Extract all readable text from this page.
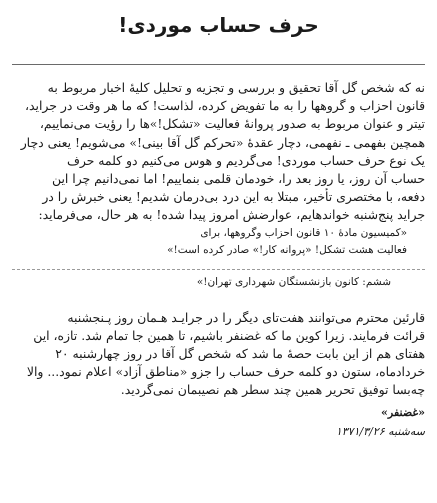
حرف حساب موردی!

نه که شخص گل آقا تحقیق و بررسی و تجزیه و تحلیل کلیهٔ اخبار مربوط به
قانون احزاب و گروهها را به ما تفویض کرده، لذاست! که ما هر وقت در جراید،
تیتر و عنوان مربوط به صدور پروانهٔ فعالیت «تشکل!»ها را رؤیت می‌نماییم،
همچین بفهمی ـ نفهمی، دچار عقدهٔ «تحرکم گل آقا بینی!» می‌شویم! یعنی دچار
یک نوع حرف حساب موردی! می‌گردیم و هوس می‌کنیم دو کلمه حرف
حساب آن روز، یا روز بعد را، خودمان قلمی بنماییم! اما نمی‌دانیم چرا این
دفعه، با مختصری تأخیر، مبتلا به این درد بی‌درمان شدیم! یعنی خبرش را در
جراید پنج‌شنبه خواندهایم، عوارضش امروز پیدا شده! به هر حال، می‌فرماید:

«کمیسیون مادهٔ ۱۰ قانون احزاب وگروهها، برای
فعالیت هشت تشکل! «پروانه کار!» صادر کرده است!»

ششم: کانون بازنشستگان شهرداری تهران!»

قارئین محترم می‌توانند هفت‌تای دیگر را در جرایـد هـمان روز پـنجشنبه
قرائت فرمایند. زیرا کوین ما که غضنفر باشیم، تا همین جا تمام شد. تازه، این
هفتای هم از این بابت حصهٔ ما شد که شخص گل آقا در روز چهارشنبه ۲۰
خردادماه، ستون دو کلمه حرف حساب را جزو «مناطق آزاد» اعلام نمود... والا
چه‌بسا توفیق تحریر همین چند سطر هم نصیبمان نمی‌گردید.

«غضنفر»

سه‌شنبه ۱۳۷۱/۳/۲۶
